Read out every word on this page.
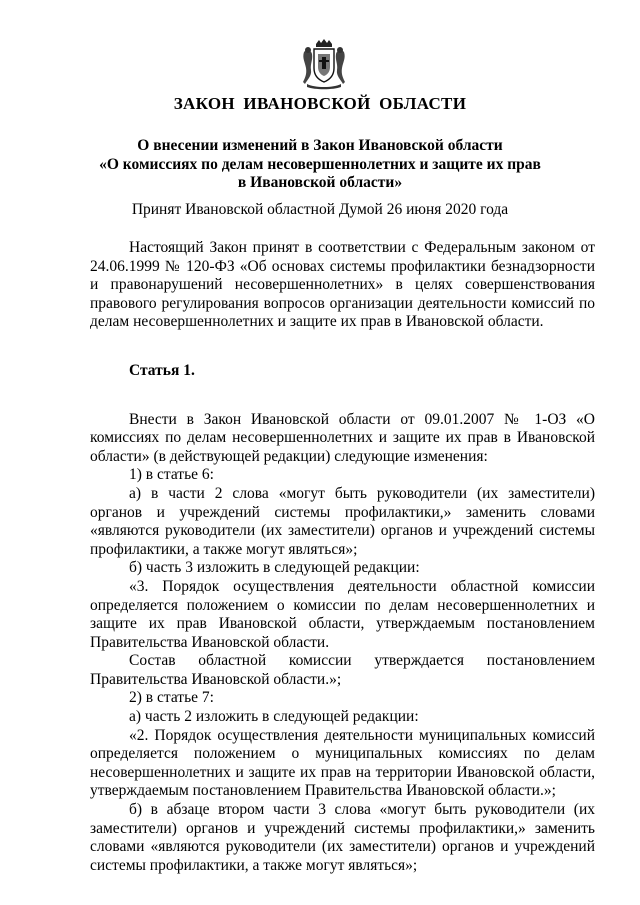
ЗАКОН ИВАНОВСКОЙ ОБЛАСТИ
О внесении изменений в Закон Ивановской области
«О комиссиях по делам несовершеннолетних и защите их прав
в Ивановской области»
Принят Ивановской областной Думой 26 июня 2020 года

Настоящий Закон принят в соответствии с Федеральным законом от 24.06.1999 № 120-ФЗ «Об основах системы профилактики безнадзорности и правонарушений несовершеннолетних» в целях совершенствования правового регулирования вопросов организации деятельности комиссий по делам несовершеннолетних и защите их прав в Ивановской области.

Статья 1.

Внести в Закон Ивановской области от 09.01.2007 № 1-ОЗ «О комиссиях по делам несовершеннолетних и защите их прав в Ивановской области» (в действующей редакции) следующие изменения:

1) в статье 6:

а) в части 2 слова «могут быть руководители (их заместители) органов и учреждений системы профилактики,» заменить словами «являются руководители (их заместители) органов и учреждений системы профилактики, а также могут являться»;

б) часть 3 изложить в следующей редакции:

«3. Порядок осуществления деятельности областной комиссии определяется положением о комиссии по делам несовершеннолетних и защите их прав Ивановской области, утверждаемым постановлением Правительства Ивановской области.

Состав областной комиссии утверждается постановлением Правительства Ивановской области.»;

2) в статье 7:

а) часть 2 изложить в следующей редакции:

«2. Порядок осуществления деятельности муниципальных комиссий определяется положением о муниципальных комиссиях по делам несовершеннолетних и защите их прав на территории Ивановской области, утверждаемым постановлением Правительства Ивановской области.»;

б) в абзаце втором части 3 слова «могут быть руководители (их заместители) органов и учреждений системы профилактики,» заменить словами «являются руководители (их заместители) органов и учреждений системы профилактики, а также могут являться»;
